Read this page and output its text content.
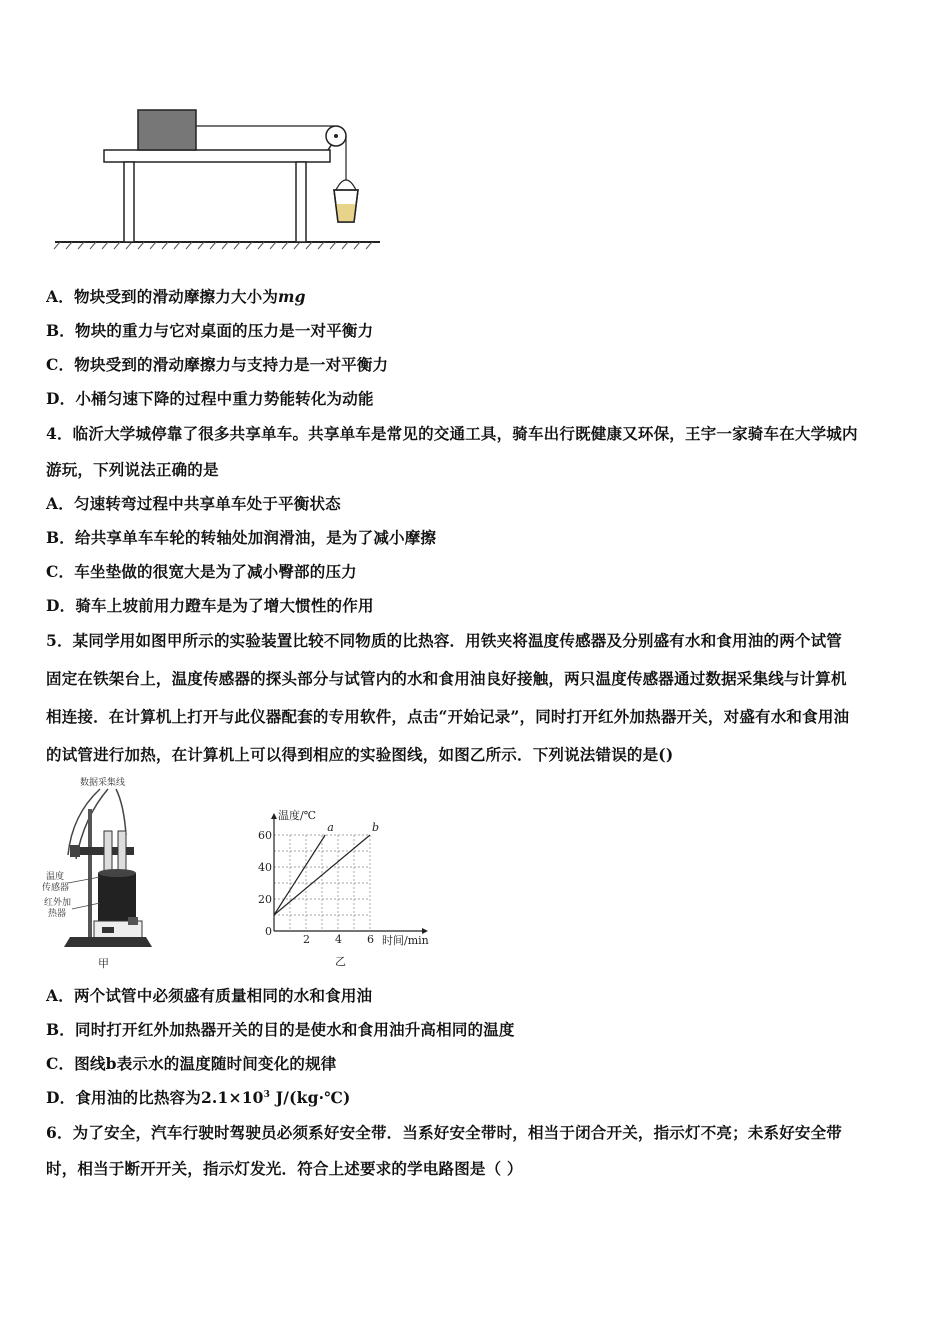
A．物块受到的滑动摩擦力大小为mg
B．物块的重力与它对桌面的压力是一对平衡力
C．物块受到的滑动摩擦力与支持力是一对平衡力
D．小桶匀速下降的过程中重力势能转化为动能
4．临沂大学城停靠了很多共享单车。共享单车是常见的交通工具，骑车出行既健康又环保，王宇一家骑车在大学城内
游玩，下列说法正确的是
A．匀速转弯过程中共享单车处于平衡状态
B．给共享单车车轮的转轴处加润滑油，是为了减小摩擦
C．车坐垫做的很宽大是为了减小臀部的压力
D．骑车上坡前用力蹬车是为了增大惯性的作用
5．某同学用如图甲所示的实验装置比较不同物质的比热容．用铁夹将温度传感器及分别盛有水和食用油的两个试管
固定在铁架台上，温度传感器的探头部分与试管内的水和食用油良好接触，两只温度传感器通过数据采集线与计算机
相连接．在计算机上打开与此仪器配套的专用软件，点击“开始记录”，同时打开红外加热器开关，对盛有水和食用油
的试管进行加热，在计算机上可以得到相应的实验图线，如图乙所示．下列说法错误的是()
数据采集线
温度
传感器
红外加
热器
甲
2 4 6
20
40
60
a	b
温度/℃
时间/min
0
乙
A．两个试管中必须盛有质量相同的水和食用油
B．同时打开红外加热器开关的目的是使水和食用油升高相同的温度
C．图线b表示水的温度随时间变化的规律
D．食用油的比热容为$2.1\times 10^3$ J/(kg·℃)
6．为了安全，汽车行驶时驾驶员必须系好安全带．当系好安全带时，相当于闭合开关，指示灯不亮；未系好安全带
时，相当于断开开关，指示灯发光．符合上述要求的学电路图是（ ）
